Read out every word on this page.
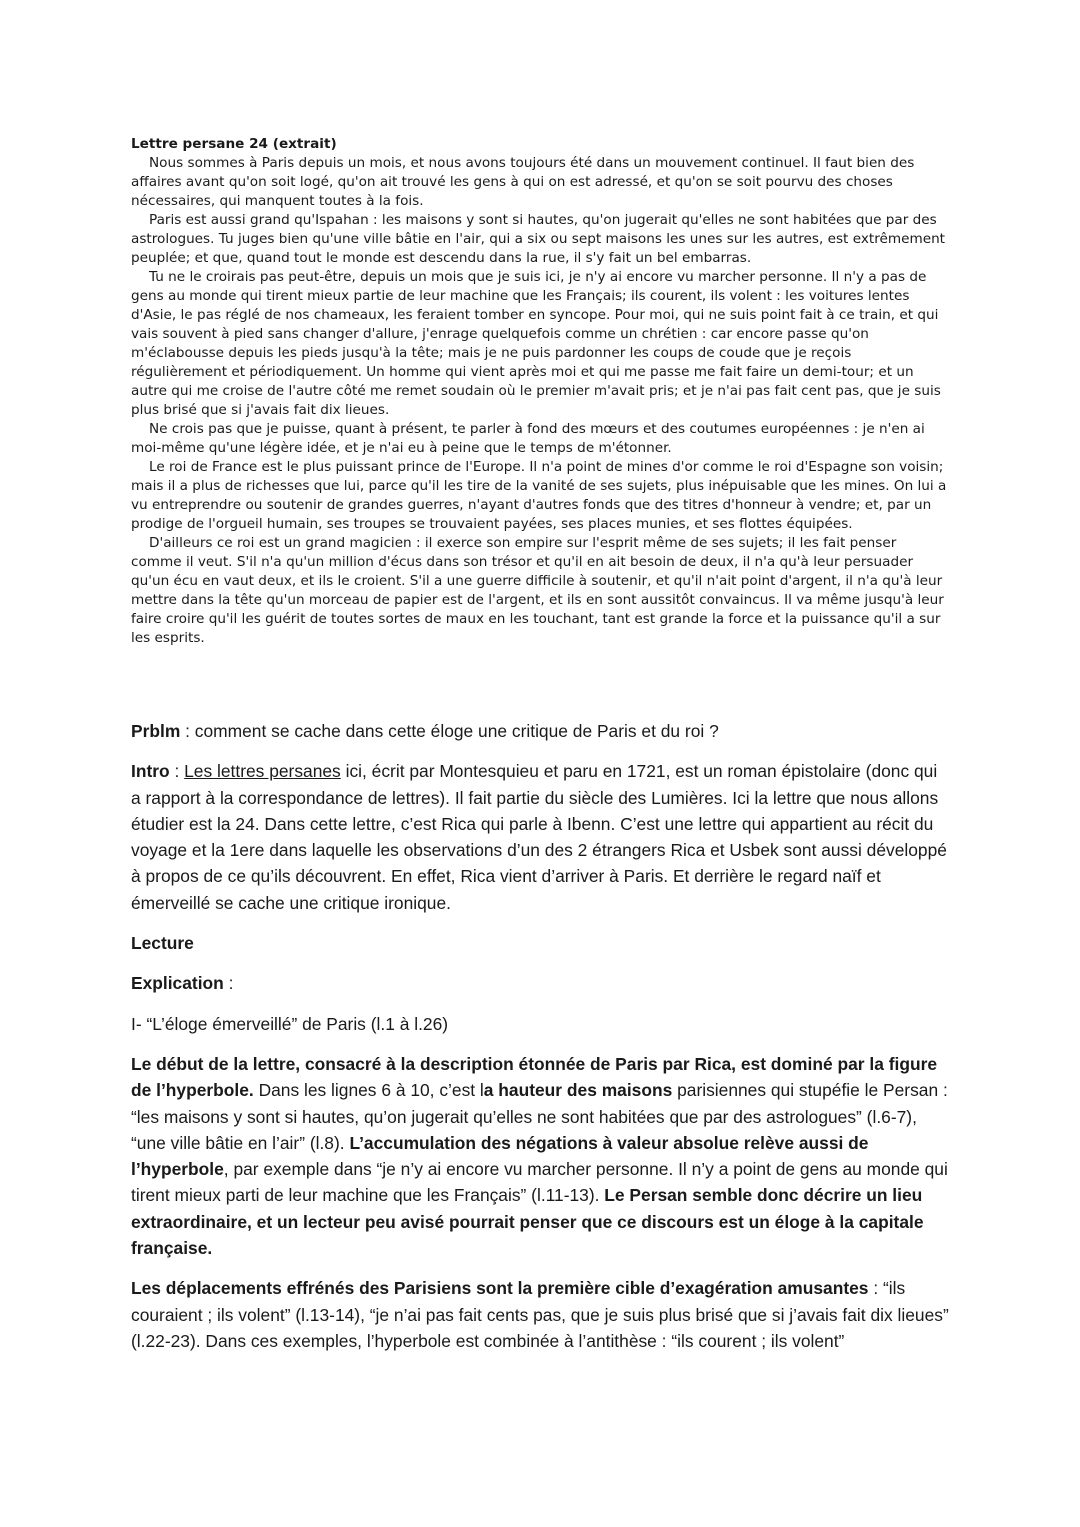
Lettre persane 24 (extrait)

Nous sommes à Paris depuis un mois, et nous avons toujours été dans un mouvement continuel. Il faut bien des affaires avant qu'on soit logé, qu'on ait trouvé les gens à qui on est adressé, et qu'on se soit pourvu des choses nécessaires, qui manquent toutes à la fois.

Paris est aussi grand qu'Ispahan : les maisons y sont si hautes, qu'on jugerait qu'elles ne sont habitées que par des astrologues. Tu juges bien qu'une ville bâtie en l'air, qui a six ou sept maisons les unes sur les autres, est extrêmement peuplée; et que, quand tout le monde est descendu dans la rue, il s'y fait un bel embarras.

Tu ne le croirais pas peut-être, depuis un mois que je suis ici, je n'y ai encore vu marcher personne. Il n'y a pas de gens au monde qui tirent mieux partie de leur machine que les Français; ils courent, ils volent : les voitures lentes d'Asie, le pas réglé de nos chameaux, les feraient tomber en syncope. Pour moi, qui ne suis point fait à ce train, et qui vais souvent à pied sans changer d'allure, j'enrage quelquefois comme un chrétien : car encore passe qu'on m'éclabousse depuis les pieds jusqu'à la tête; mais je ne puis pardonner les coups de coude que je reçois régulièrement et périodiquement. Un homme qui vient après moi et qui me passe me fait faire un demi-tour; et un autre qui me croise de l'autre côté me remet soudain où le premier m'avait pris; et je n'ai pas fait cent pas, que je suis plus brisé que si j'avais fait dix lieues.

Ne crois pas que je puisse, quant à présent, te parler à fond des mœurs et des coutumes européennes : je n'en ai moi-même qu'une légère idée, et je n'ai eu à peine que le temps de m'étonner.

Le roi de France est le plus puissant prince de l'Europe. Il n'a point de mines d'or comme le roi d'Espagne son voisin; mais il a plus de richesses que lui, parce qu'il les tire de la vanité de ses sujets, plus inépuisable que les mines. On lui a vu entreprendre ou soutenir de grandes guerres, n'ayant d'autres fonds que des titres d'honneur à vendre; et, par un prodige de l'orgueil humain, ses troupes se trouvaient payées, ses places munies, et ses flottes équipées.

D'ailleurs ce roi est un grand magicien : il exerce son empire sur l'esprit même de ses sujets; il les fait penser comme il veut. S'il n'a qu'un million d'écus dans son trésor et qu'il en ait besoin de deux, il n'a qu'à leur persuader qu'un écu en vaut deux, et ils le croient. S'il a une guerre difficile à soutenir, et qu'il n'ait point d'argent, il n'a qu'à leur mettre dans la tête qu'un morceau de papier est de l'argent, et ils en sont aussitôt convaincus. Il va même jusqu'à leur faire croire qu'il les guérit de toutes sortes de maux en les touchant, tant est grande la force et la puissance qu'il a sur les esprits.

Prblm : comment se cache dans cette éloge une critique de Paris et du roi ?

Intro : Les lettres persanes ici, écrit par Montesquieu et paru en 1721, est un roman épistolaire (donc qui a rapport à la correspondance de lettres). Il fait partie du siècle des Lumières. Ici la lettre que nous allons étudier est la 24. Dans cette lettre, c’est Rica qui parle à Ibenn. C’est une lettre qui appartient au récit du voyage et la 1ere dans laquelle les observations d’un des 2 étrangers Rica et Usbek sont aussi développé à propos de ce qu’ils découvrent. En effet, Rica vient d’arriver à Paris. Et derrière le regard naïf et émerveillé se cache une critique ironique.

Lecture

Explication :

I- “L’éloge émerveillé” de Paris (l.1 à l.26)

Le début de la lettre, consacré à la description étonnée de Paris par Rica, est dominé par la figure de l’hyperbole. Dans les lignes 6 à 10, c’est la hauteur des maisons parisiennes qui stupéfie le Persan : “les maisons y sont si hautes, qu’on jugerait qu’elles ne sont habitées que par des astrologues” (l.6-7), “une ville bâtie en l’air” (l.8). L’accumulation des négations à valeur absolue relève aussi de l’hyperbole, par exemple dans “je n’y ai encore vu marcher personne. Il n’y a point de gens au monde qui tirent mieux parti de leur machine que les Français” (l.11-13). Le Persan semble donc décrire un lieu extraordinaire, et un lecteur peu avisé pourrait penser que ce discours est un éloge à la capitale française.

Les déplacements effrénés des Parisiens sont la première cible d’exagération amusantes : “ils couraient ; ils volent” (l.13-14), “je n’ai pas fait cents pas, que je suis plus brisé que si j’avais fait dix lieues” (l.22-23). Dans ces exemples, l’hyperbole est combinée à l’antithèse : “ils courent ; ils volent”
